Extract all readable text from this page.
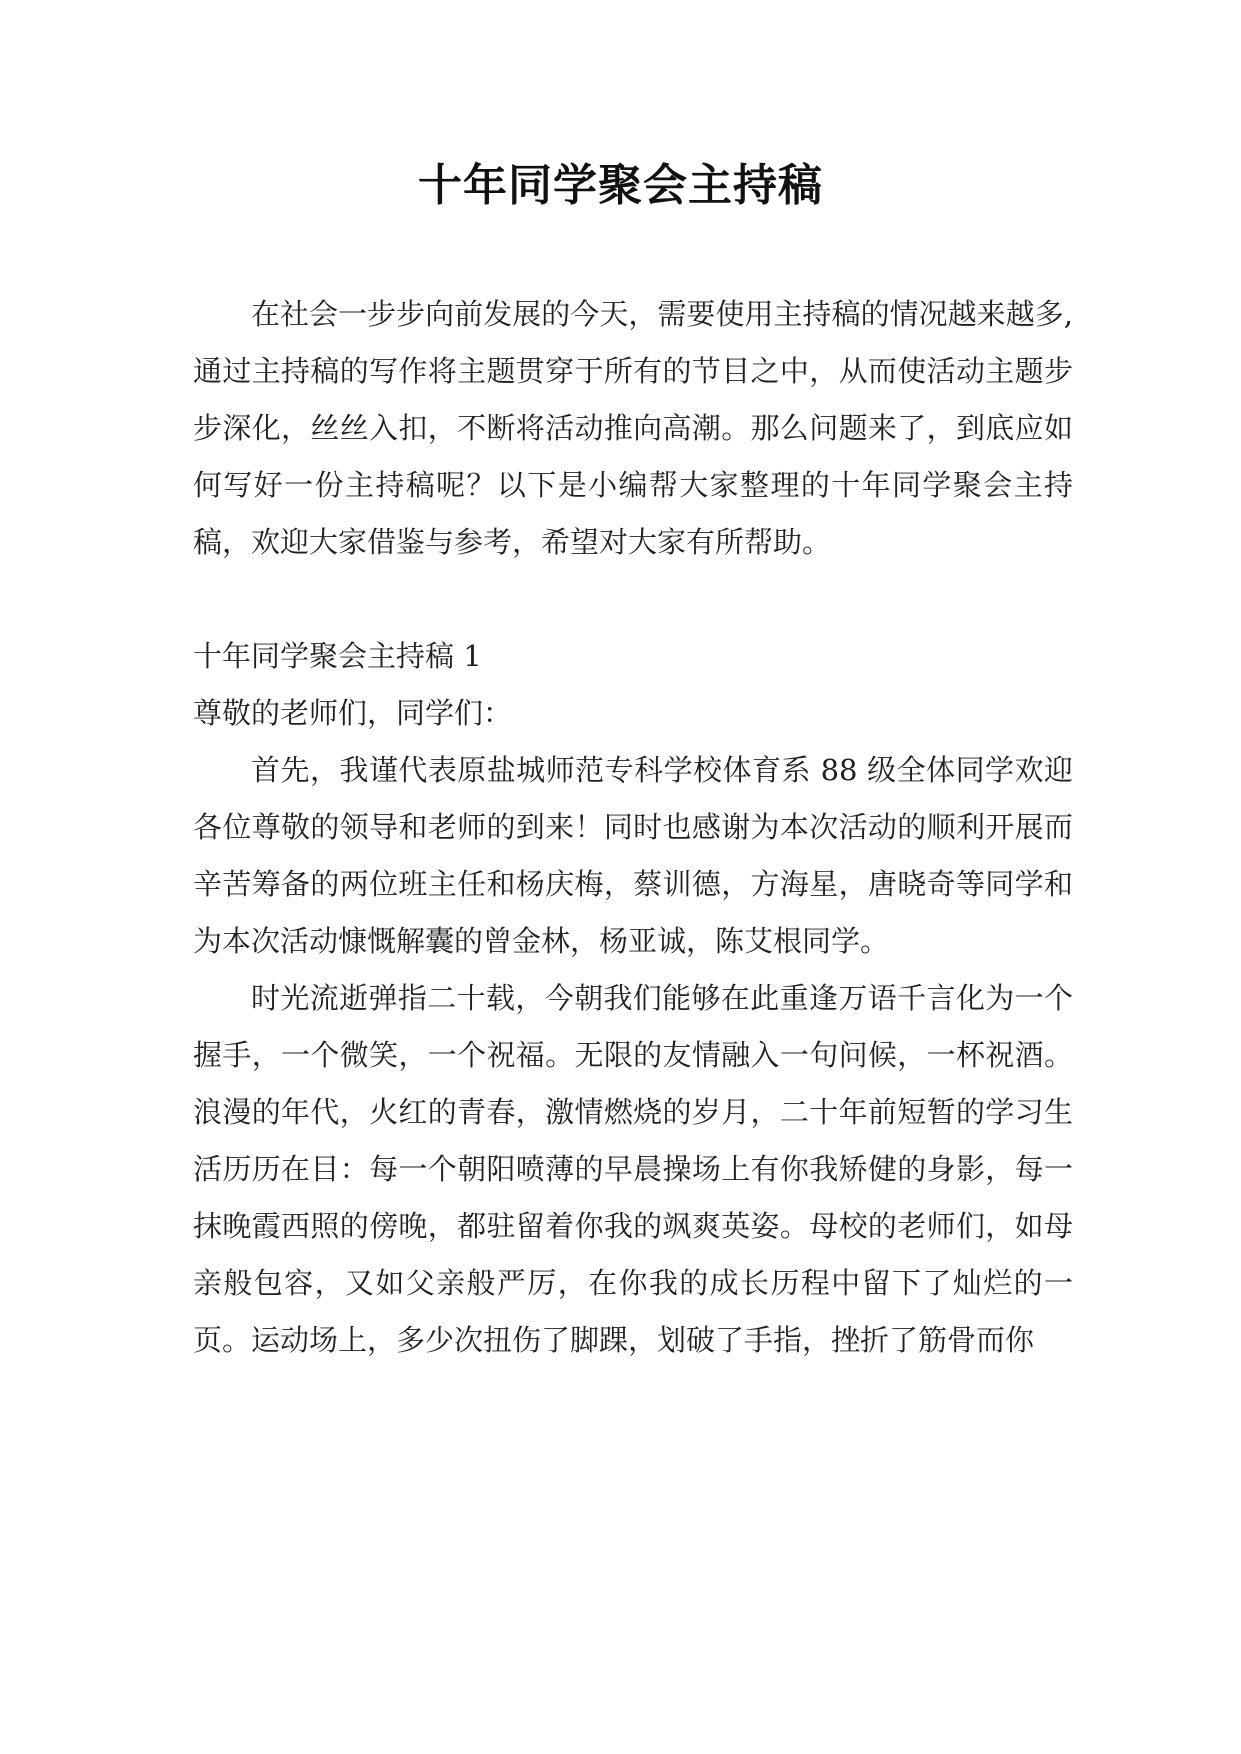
十年同学聚会主持稿

在社会一步步向前发展的今天，需要使用主持稿的情况越来越多,通过主持稿的写作将主题贯穿于所有的节目之中，从而使活动主题步步深化，丝丝入扣，不断将活动推向高潮。那么问题来了，到底应如何写好一份主持稿呢？以下是小编帮大家整理的十年同学聚会主持稿，欢迎大家借鉴与参考，希望对大家有所帮助。

十年同学聚会主持稿 1

尊敬的老师们，同学们：

首先，我谨代表原盐城师范专科学校体育系 88 级全体同学欢迎各位尊敬的领导和老师的到来！同时也感谢为本次活动的顺利开展而辛苦筹备的两位班主任和杨庆梅，蔡训德，方海星，唐晓奇等同学和为本次活动慷慨解囊的曾金林，杨亚诚，陈艾根同学。

时光流逝弹指二十载，今朝我们能够在此重逢万语千言化为一个握手，一个微笑，一个祝福。无限的友情融入一句问候，一杯祝酒。浪漫的年代，火红的青春，激情燃烧的岁月，二十年前短暂的学习生活历历在目：每一个朝阳喷薄的早晨操场上有你我矫健的身影，每一抹晚霞西照的傍晚，都驻留着你我的飒爽英姿。母校的老师们，如母亲般包容，又如父亲般严厉，在你我的成长历程中留下了灿烂的一页。运动场上，多少次扭伤了脚踝，划破了手指，挫折了筋骨而你
